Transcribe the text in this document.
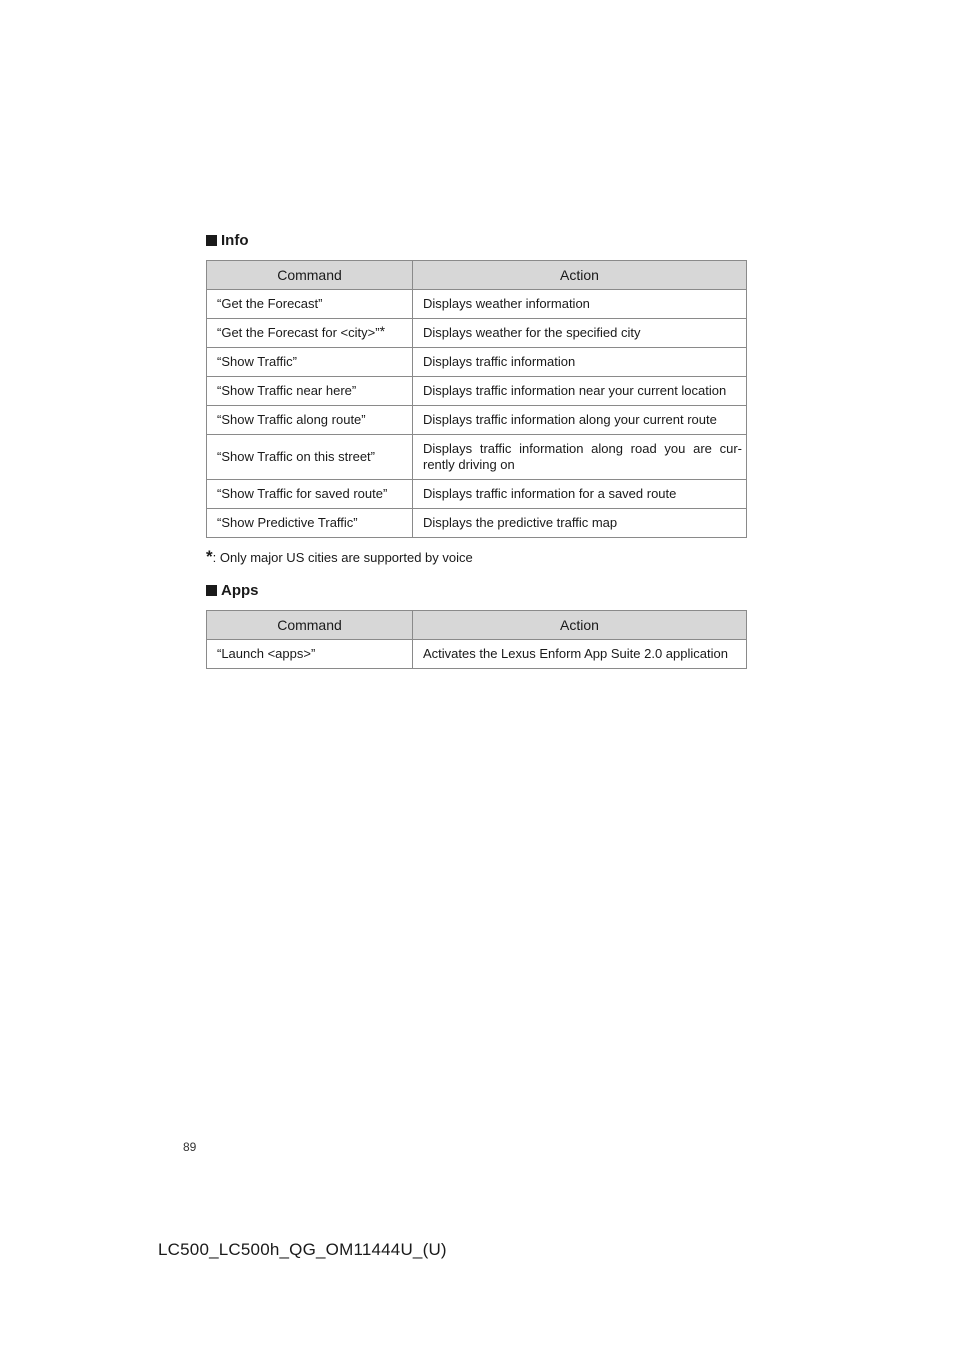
Info
Command	Action
“Get the Forecast”	Displays weather information
“Get the Forecast for <city>”*	Displays weather for the specified city
“Show Traffic”	Displays traffic information
“Show Traffic near here”	Displays traffic information near your current location
“Show Traffic along route”	Displays traffic information along your current route
“Show Traffic on this street”	Displays traffic information along road you are cur-rently driving on
“Show Traffic for saved route”	Displays traffic information for a saved route
“Show Predictive Traffic”	Displays the predictive traffic map
*: Only major US cities are supported by voice
Apps
Command	Action
“Launch <apps>”	Activates the Lexus Enform App Suite 2.0 application
89
LC500_LC500h_QG_OM11444U_(U)
